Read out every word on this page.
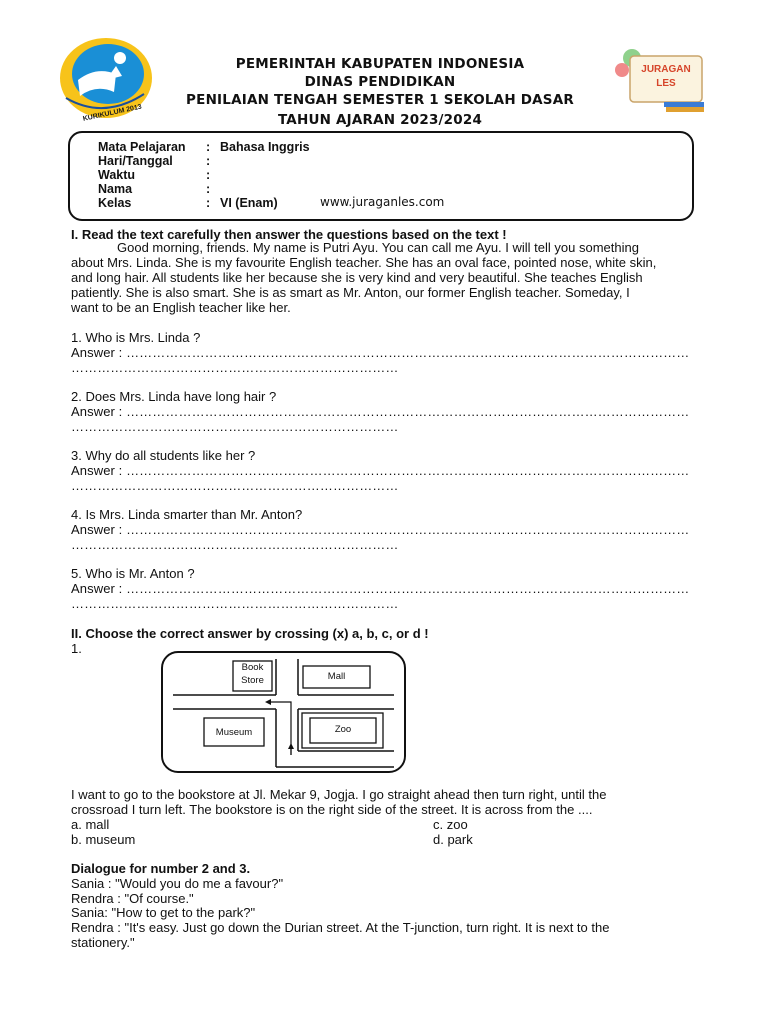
KURIKULUM 2013
JURAGAN
LES
PEMERINTAH KABUPATEN INDONESIA
DINAS PENDIDIKAN
PENILAIAN TENGAH SEMESTER 1 SEKOLAH DASAR
TAHUN AJARAN 2023/2024
Mata Pelajaran : Bahasa Inggris
Hari/Tanggal	:
Waktu	:
Nama	:
Kelas	: VI (Enam)	www.juraganles.com
I. Read the text carefully then answer the questions based on the text !
Good morning, friends. My name is Putri Ayu. You can call me Ayu. I will tell you something
about Mrs. Linda. She is my favourite English teacher. She has an oval face, pointed nose, white skin,
and long hair. All students like her because she is very kind and very beautiful. She teaches English
patiently. She is also smart. She is as smart as Mr. Anton, our former English teacher. Someday, I
want to be an English teacher like her.
1. Who is Mrs. Linda ?
Answer : …………………………………………………………………………………………………………………
…………………………………………………………………
2. Does Mrs. Linda have long hair ?
Answer : …………………………………………………………………………………………………………………
…………………………………………………………………
3. Why do all students like her ?
Answer : …………………………………………………………………………………………………………………
…………………………………………………………………
4. Is Mrs. Linda smarter than Mr. Anton?
Answer : …………………………………………………………………………………………………………………
…………………………………………………………………
5. Who is Mr. Anton ?
Answer : …………………………………………………………………………………………………………………
…………………………………………………………………
II. Choose the correct answer by crossing (x) a, b, c, or d !
1.
Book
Store	Mall
Museum	Zoo
I want to go to the bookstore at Jl. Mekar 9, Jogja. I go straight ahead then turn right, until the
crossroad I turn left. The bookstore is on the right side of the street. It is across from the ....
a. mall	c. zoo
b. museum	d. park
Dialogue for number 2 and 3.
Sania : "Would you do me a favour?"
Rendra : "Of course."
Sania: "How to get to the park?"
Rendra : "It's easy. Just go down the Durian street. At the T-junction, turn right. It is next to the
stationery."
